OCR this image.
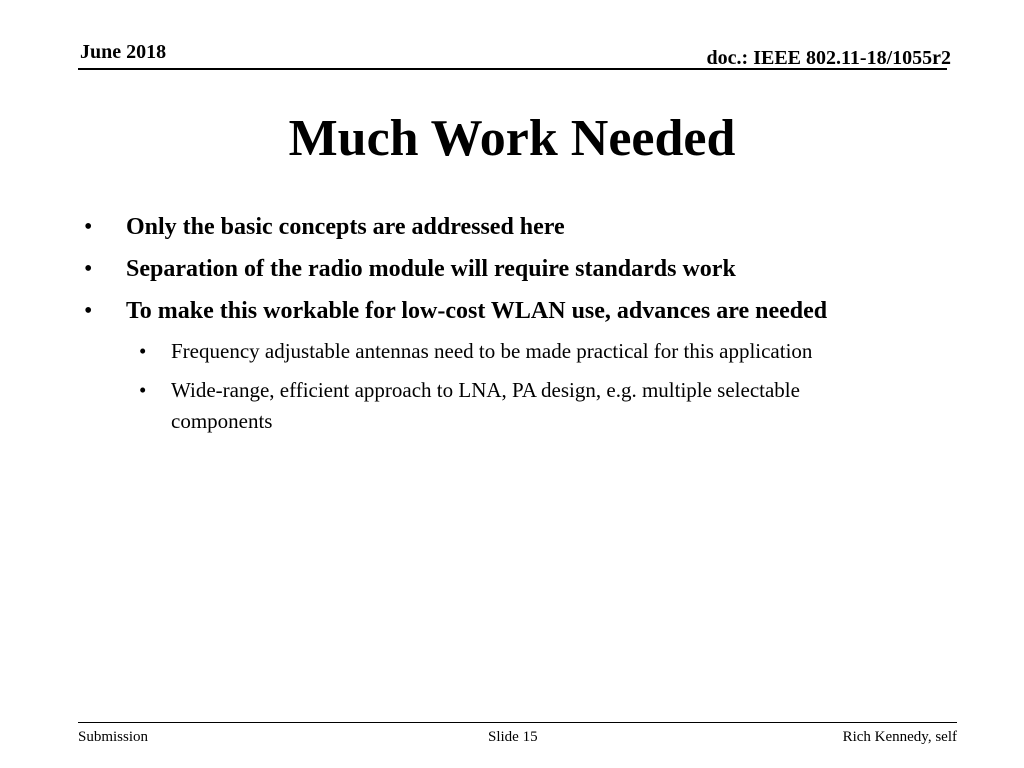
June 2018	doc.: IEEE 802.11-18/1055r2
Much Work Needed
• Only the basic concepts are addressed here
• Separation of the radio module will require standards work
• To make this workable for low-cost WLAN use, advances are needed
• Frequency adjustable antennas need to be made practical for this application
• Wide-range, efficient approach to LNA, PA design, e.g. multiple selectable components
Submission	Slide 15	Rich Kennedy, self
